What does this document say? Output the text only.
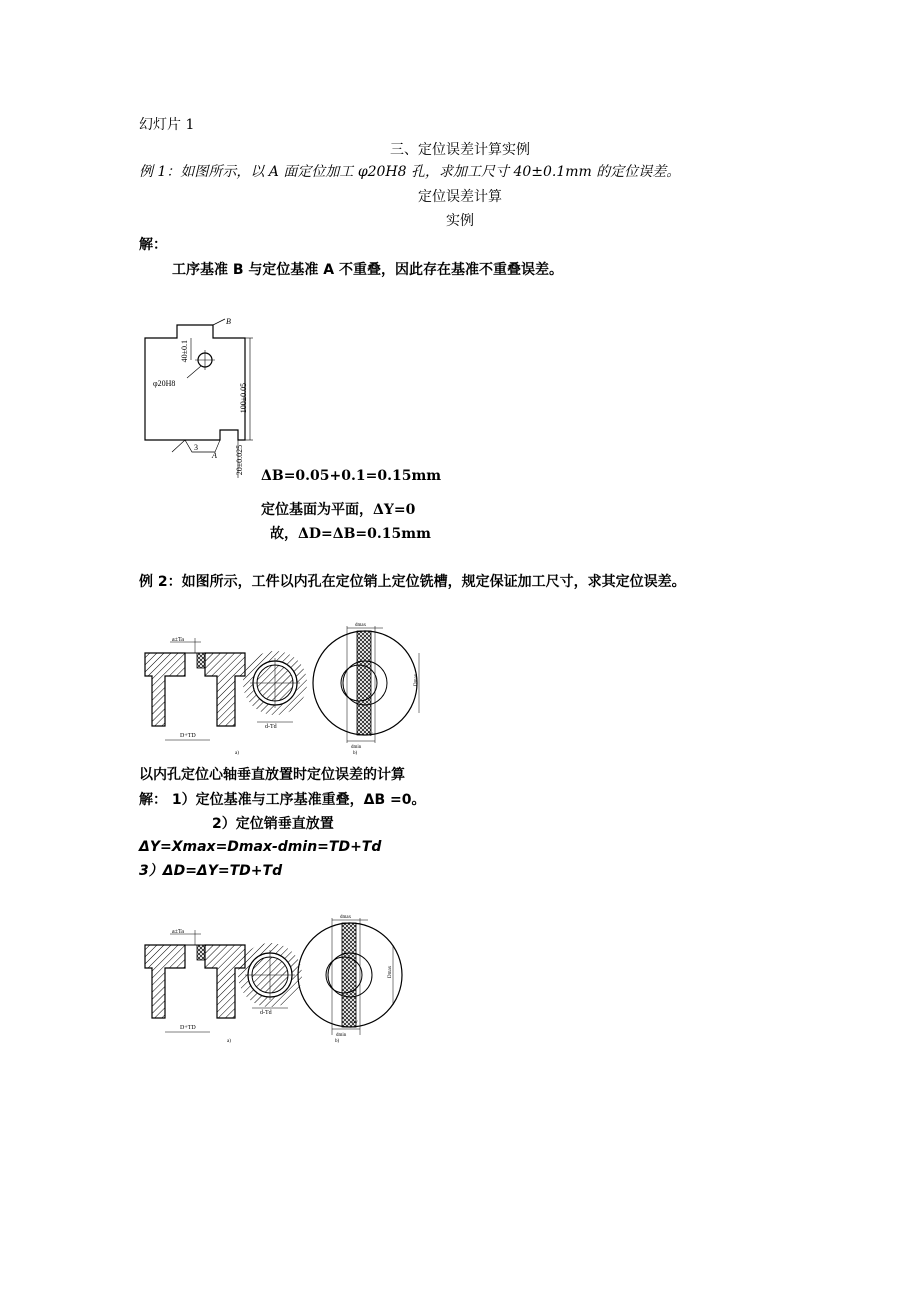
幻灯片 1
三、定位误差计算实例
例 1：如图所示，以 A 面定位加工 φ20H8 孔，求加工尺寸 40±0.1mm 的定位误差。
定位误差计算
实例
解：
工序基准 B 与定位基准 A 不重叠，因此存在基准不重叠误差。
B
40±0.1
φ20H8	100±0.05
20±0.025
3
A
ΔB=0.05+0.1=0.15mm
定位基面为平面，ΔY=0
故，ΔD=ΔB=0.15mm
例 2：如图所示，工件以内孔在定位销上定位铣槽，规定保证加工尺寸，求其定位误差。
a±Ta
D+TD
a)
d-Td
dmax
Dmax
dmin
Δy
b)
以内孔定位心轴垂直放置时定位误差的计算
解： 1）定位基准与工序基准重叠，ΔB =0。
2）定位销垂直放置
ΔY=Xmax=Dmax-dmin=TD+Td
3）ΔD=ΔY=TD+Td
a±Ta
D+TD
a)
d-Td
dmax
Dmax
dmin
Δy
b)
